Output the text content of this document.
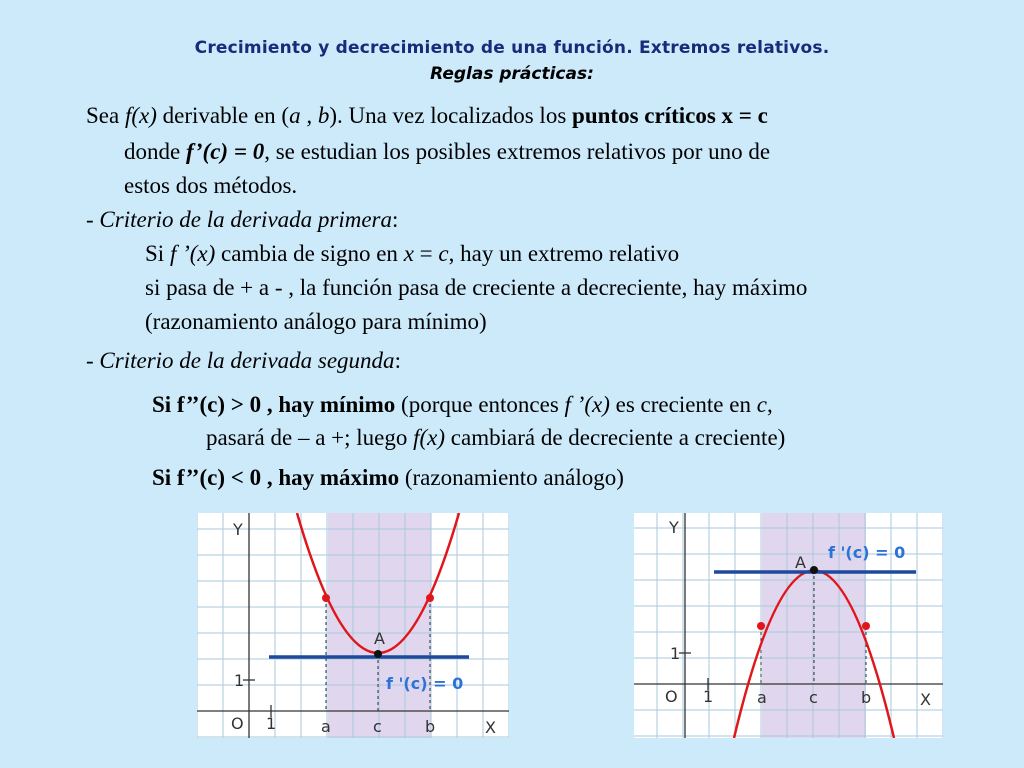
Crecimiento y decrecimiento de una función. Extremos relativos.
Reglas prácticas:
Sea f(x) derivable en (a , b). Una vez localizados los puntos críticos x = c
donde f’(c) = 0, se estudian los posibles extremos relativos por uno de
estos dos métodos.
- Criterio de la derivada primera:
Si f ’(x) cambia de signo en x = c, hay un extremo relativo
si pasa de + a - , la función pasa de creciente a decreciente, hay máximo
(razonamiento análogo para mínimo)
- Criterio de la derivada segunda:
Si f’’(c) > 0 , hay mínimo (porque entonces f ’(x) es creciente en c,
pasará de – a +; luego f(x) cambiará de decreciente a creciente)
Si f’’(c) < 0 , hay máximo (razonamiento análogo)
Y
X
O 1
1
a	c	b
A
f '(c) = 0
Y
X
O 1
1
a	c	b
A
f '(c) = 0
